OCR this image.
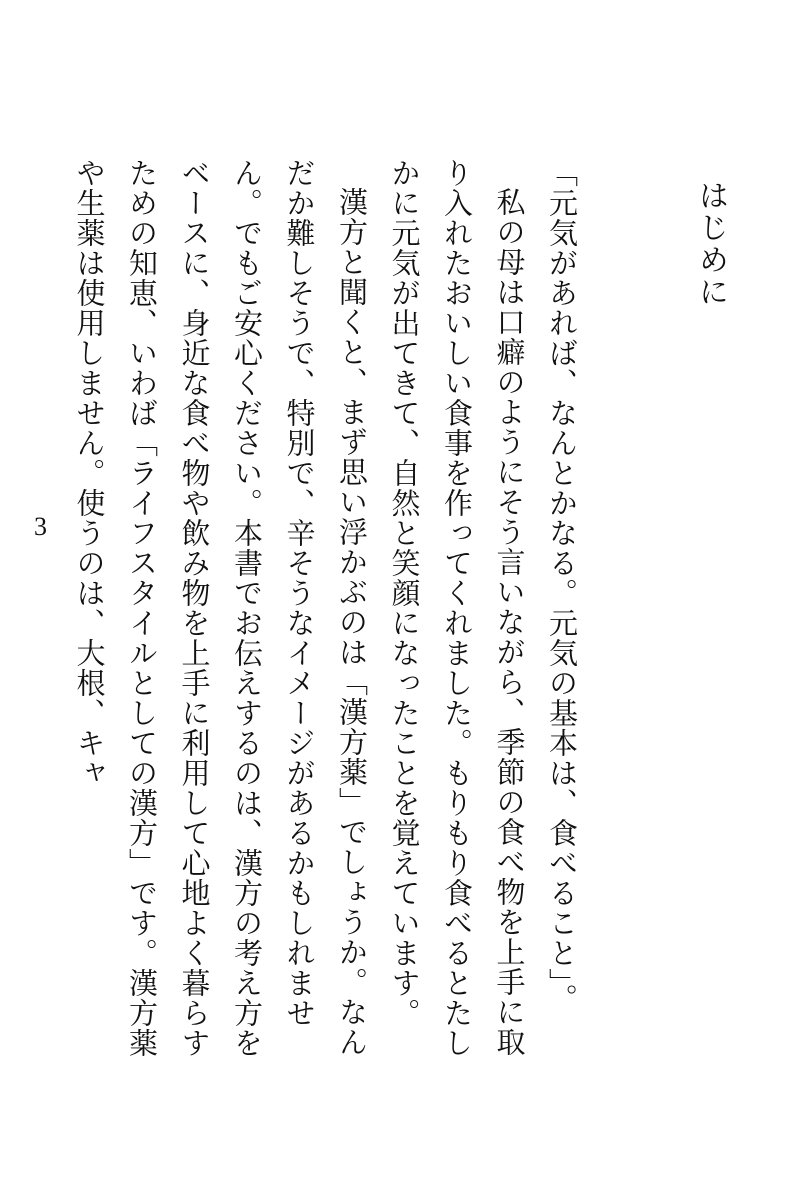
はじめに

「元気があれば、なんとかなる。元気の基本は、食べること」。

私の母は口癖のようにそう言いながら、季節の食べ物を上手に取り入れたおいしい食事を作ってくれました。もりもり食べるとたしかに元気が出てきて、自然と笑顔になったことを覚えています。

漢方と聞くと、まず思い浮かぶのは「漢方薬」でしょうか。なんだか難しそうで、特別で、辛そうなイメージがあるかもしれません。でもご安心ください。本書でお伝えするのは、漢方の考え方をベースに、身近な食べ物や飲み物を上手に利用して心地よく暮らすための知恵、いわば「ライフスタイルとしての漢方」です。漢方薬や生薬は使用しません。使うのは、大根、キャ

3
